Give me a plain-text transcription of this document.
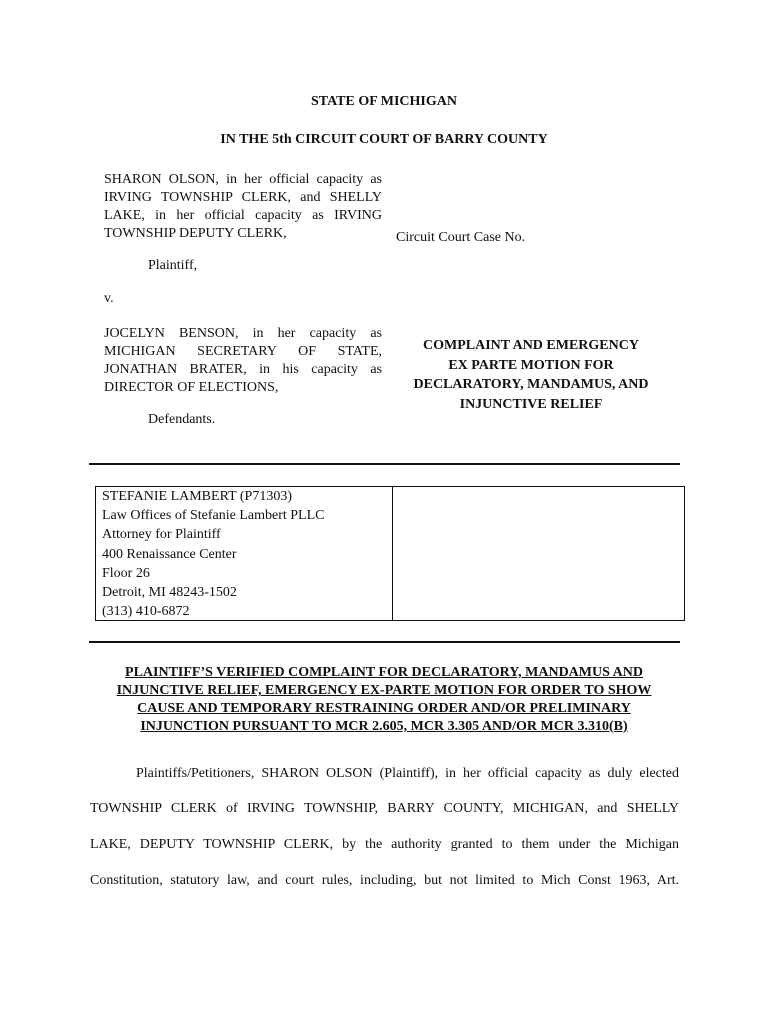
STATE OF MICHIGAN
IN THE 5th CIRCUIT COURT OF BARRY COUNTY
SHARON OLSON, in her official capacity as
IRVING TOWNSHIP CLERK, and SHELLY
LAKE, in her official capacity as IRVING
TOWNSHIP DEPUTY CLERK,
Plaintiff,
v.
JOCELYN BENSON, in her capacity as
MICHIGAN SECRETARY OF STATE,
JONATHAN BRATER, in his capacity as
DIRECTOR OF ELECTIONS,
Defendants.
Circuit Court Case No.
COMPLAINT AND EMERGENCY
EX PARTE MOTION FOR
DECLARATORY, MANDAMUS, AND
INJUNCTIVE RELIEF
STEFANIE LAMBERT (P71303)
Law Offices of Stefanie Lambert PLLC
Attorney for Plaintiff
400 Renaissance Center
Floor 26
Detroit, MI 48243-1502
(313) 410-6872
PLAINTIFF’S VERIFIED COMPLAINT FOR DECLARATORY, MANDAMUS AND
INJUNCTIVE RELIEF, EMERGENCY EX-PARTE MOTION FOR ORDER TO SHOW
CAUSE AND TEMPORARY RESTRAINING ORDER AND/OR PRELIMINARY
INJUNCTION PURSUANT TO MCR 2.605, MCR 3.305 AND/OR MCR 3.310(B)
Plaintiffs/Petitioners, SHARON OLSON (Plaintiff), in her official capacity as duly elected
TOWNSHIP CLERK of IRVING TOWNSHIP, BARRY COUNTY, MICHIGAN, and SHELLY
LAKE, DEPUTY TOWNSHIP CLERK, by the authority granted to them under the Michigan
Constitution, statutory law, and court rules, including, but not limited to Mich Const 1963, Art.
